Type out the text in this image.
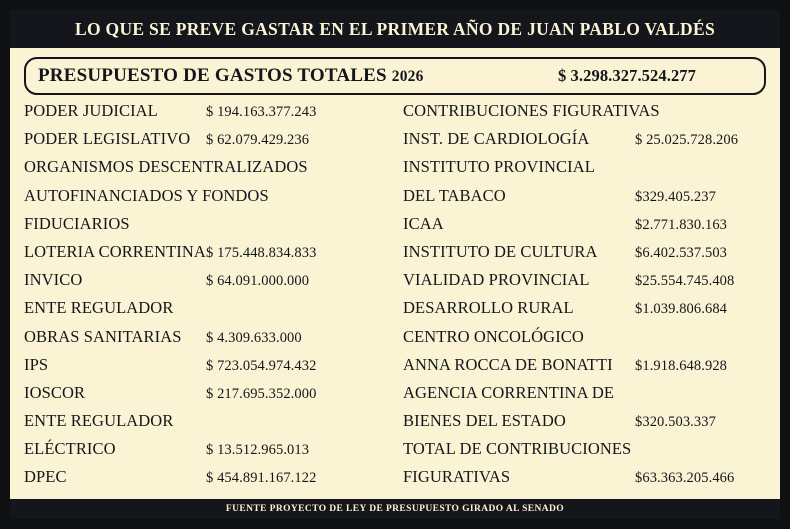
LO QUE SE PREVE GASTAR EN EL PRIMER AÑO DE JUAN PABLO VALDÉS
PRESUPUESTO DE GASTOS TOTALES 2026	$ 3.298.327.524.277
PODER JUDICIAL	$ 194.163.377.243
PODER LEGISLATIVO	$ 62.079.429.236
ORGANISMOS DESCENTRALIZADOS
AUTOFINANCIADOS Y FONDOS
FIDUCIARIOS
LOTERIA CORRENTINA $ 175.448.834.833
INVICO	$ 64.091.000.000
ENTE REGULADOR
OBRAS SANITARIAS	$ 4.309.633.000
IPS	$ 723.054.974.432
IOSCOR	$ 217.695.352.000
ENTE REGULADOR
ELÉCTRICO	$ 13.512.965.013
DPEC	$ 454.891.167.122
CONTRIBUCIONES FIGURATIVAS
INST. DE CARDIOLOGÍA	$ 25.025.728.206
INSTITUTO PROVINCIAL
DEL TABACO	$329.405.237
ICAA	$2.771.830.163
INSTITUTO DE CULTURA	$6.402.537.503
VIALIDAD PROVINCIAL	$25.554.745.408
DESARROLLO RURAL	$1.039.806.684
CENTRO ONCOLÓGICO
ANNA ROCCA DE BONATTI	$1.918.648.928
AGENCIA CORRENTINA DE
BIENES DEL ESTADO	$320.503.337
TOTAL DE CONTRIBUCIONES
FIGURATIVAS	$63.363.205.466
FUENTE PROYECTO DE LEY DE PRESUPUESTO GIRADO AL SENADO
